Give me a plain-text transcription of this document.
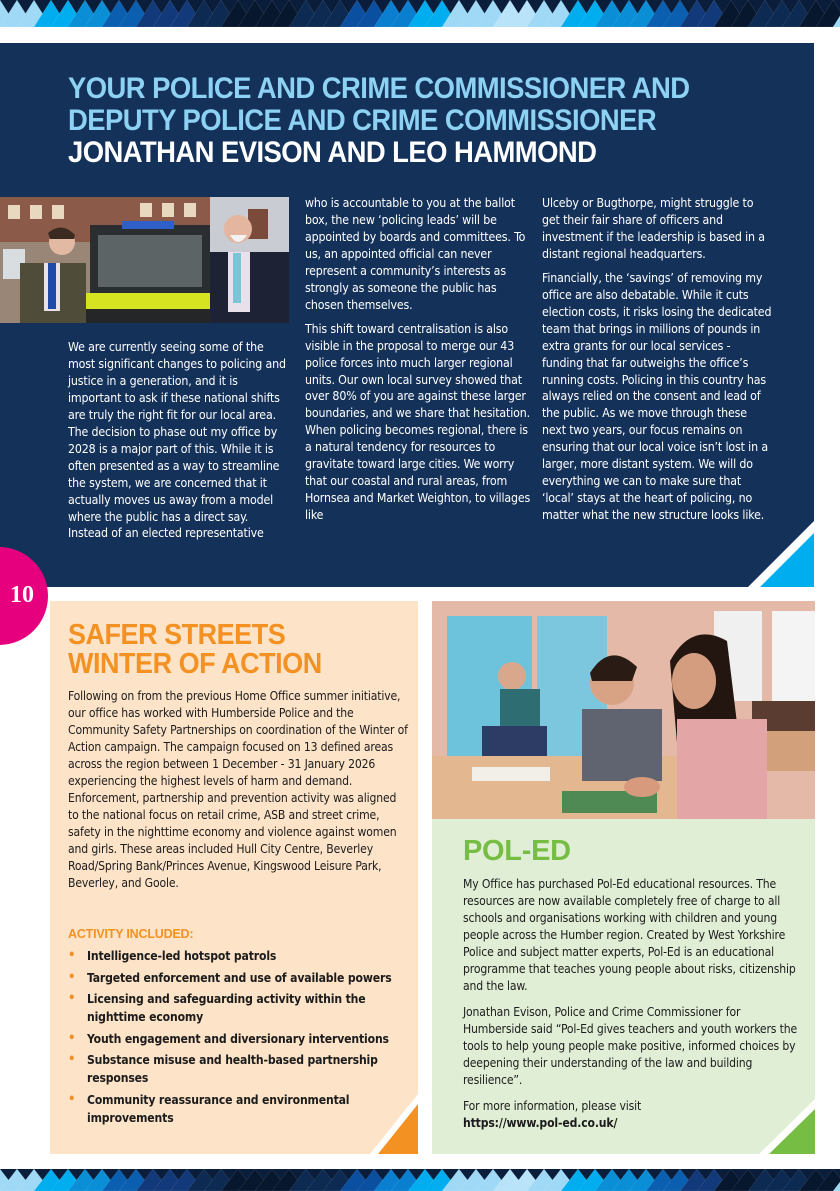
YOUR POLICE AND CRIME COMMISSIONER AND
DEPUTY POLICE AND CRIME COMMISSIONER
JONATHAN EVISON AND LEO HAMMOND

We are currently seeing some of the most significant changes to policing and justice in a generation, and it is important to ask if these national shifts are truly the right fit for our local area. The decision to phase out my office by 2028 is a major part of this. While it is often presented as a way to streamline the system, we are concerned that it actually moves us away from a model where the public has a direct say. Instead of an elected representative

who is accountable to you at the ballot box, the new ‘policing leads’ will be appointed by boards and committees. To us, an appointed official can never represent a community’s interests as strongly as someone the public has chosen themselves.

This shift toward centralisation is also visible in the proposal to merge our 43 police forces into much larger regional units. Our own local survey showed that over 80% of you are against these larger boundaries, and we share that hesitation. When policing becomes regional, there is a natural tendency for resources to gravitate toward large cities. We worry that our coastal and rural areas, from Hornsea and Market Weighton, to villages like

Ulceby or Bugthorpe, might struggle to get their fair share of officers and investment if the leadership is based in a distant regional headquarters.

Financially, the ‘savings’ of removing my office are also debatable. While it cuts election costs, it risks losing the dedicated team that brings in millions of pounds in extra grants for our local services - funding that far outweighs the office’s running costs. Policing in this country has always relied on the consent and lead of the public. As we move through these next two years, our focus remains on ensuring that our local voice isn’t lost in a larger, more distant system. We will do everything we can to make sure that ‘local’ stays at the heart of policing, no matter what the new structure looks like.

10
SAFER STREETS
WINTER OF ACTION

Following on from the previous Home Office summer initiative, our office has worked with Humberside Police and the Community Safety Partnerships on coordination of the Winter of Action campaign. The campaign focused on 13 defined areas across the region between 1 December - 31 January 2026 experiencing the highest levels of harm and demand. Enforcement, partnership and prevention activity was aligned to the national focus on retail crime, ASB and street crime, safety in the nighttime economy and violence against women and girls. These areas included Hull City Centre, Beverley Road/Spring Bank/Princes Avenue, Kingswood Leisure Park, Beverley, and Goole.

ACTIVITY INCLUDED:
• Intelligence-led hotspot patrols
• Targeted enforcement and use of available powers
• Licensing and safeguarding activity within the nighttime economy
• Youth engagement and diversionary interventions
• Substance misuse and health-based partnership responses
• Community reassurance and environmental improvements
POL-ED

My Office has purchased Pol-Ed educational resources. The resources are now available completely free of charge to all schools and organisations working with children and young people across the Humber region. Created by West Yorkshire Police and subject matter experts, Pol-Ed is an educational programme that teaches young people about risks, citizenship and the law.

Jonathan Evison, Police and Crime Commissioner for Humberside said “Pol-Ed gives teachers and youth workers the tools to help young people make positive, informed choices by deepening their understanding of the law and building resilience”.

For more information, please visit
https://www.pol-ed.co.uk/
